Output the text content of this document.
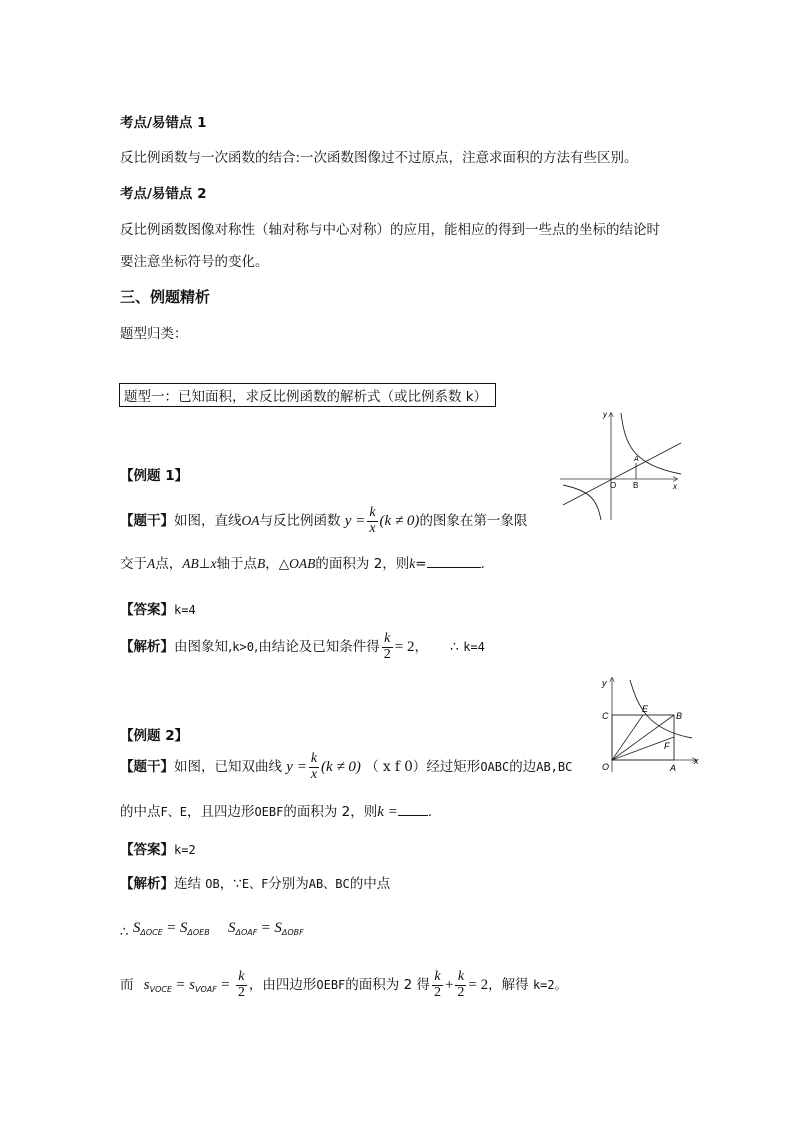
考点/易错点 1
反比例函数与一次函数的结合:一次函数图像过不过原点，注意求面积的方法有些区别。
考点/易错点 2
反比例函数图像对称性（轴对称与中心对称）的应用，能相应的得到一些点的坐标的结论时
要注意坐标符号的变化。
三、例题精析
题型归类：
题型一：已知面积，求反比例函数的解析式（或比例系数 k）
y
x
O B
A
【例题 1】
【题干】如图，直线OA与反比例函数 $y = \frac{k}{x} (k \ne 0)$的图象在第一象限
交于A点，AB⊥x轴于点B，△OAB的面积为 2，则k=	.
【答案】k=4
【解析】由图象知,k>0,由结论及已知条件得 $\frac{k}{2} = 2$， ∴ k=4
y
x
O	A
B
C
E
F
【例题 2】
【题干】如图，已知双曲线 $y = \frac{k}{x} (k \ne 0)$ （ x f 0）经过矩形OABC的边AB,BC
的中点F、E，且四边形OEBF的面积为 2，则k = .
【答案】k=2
【解析】连结 OB，∵E、F分别为AB、BC的中点
∴ $S_{\Delta OCE} = S_{\Delta OEB}$ $S_{\Delta OAF} = S_{\Delta OBF}$
而 $s_{VOCE} = s_{VOAF} = \frac{k}{2}$ ，由四边形OEBF的面积为 2 得 $\frac{k}{2} + \frac{k}{2} = 2$，解得 k=2。
